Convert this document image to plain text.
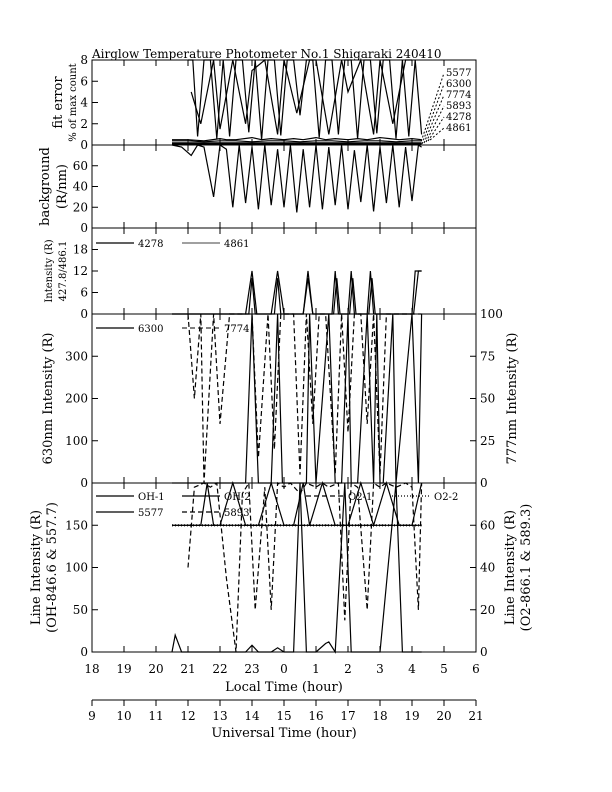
Airglow Temperature Photometer No.1 Shigaraki 240410
0
2
4
6
8
fit error % of max count	5577
6300
7774
5893
4278
4861
0
20
40
60
background (R/nm)
0
6
12
18
Intensity (R) 427.8/486.1	4278	4861
0
100
200
300
0
25
50
75
100
630nm Intensity (R)	777nm Intensity (R)
6300	7774
0
50
100
150
0
20
40
60
Line Intensity (R) (OH-846.6 & 557.7)	Line Intensity (R) (O2-866.1 & 589.3)
OH-1	OH-2	O2-1	O2-2
5577	5893
18 19 20 21 22 23 0 1 2 3 4 5 6
Local Time (hour)
9 10 11 12 13 14 15 16 17 18 19 20 21
Universal Time (hour)
